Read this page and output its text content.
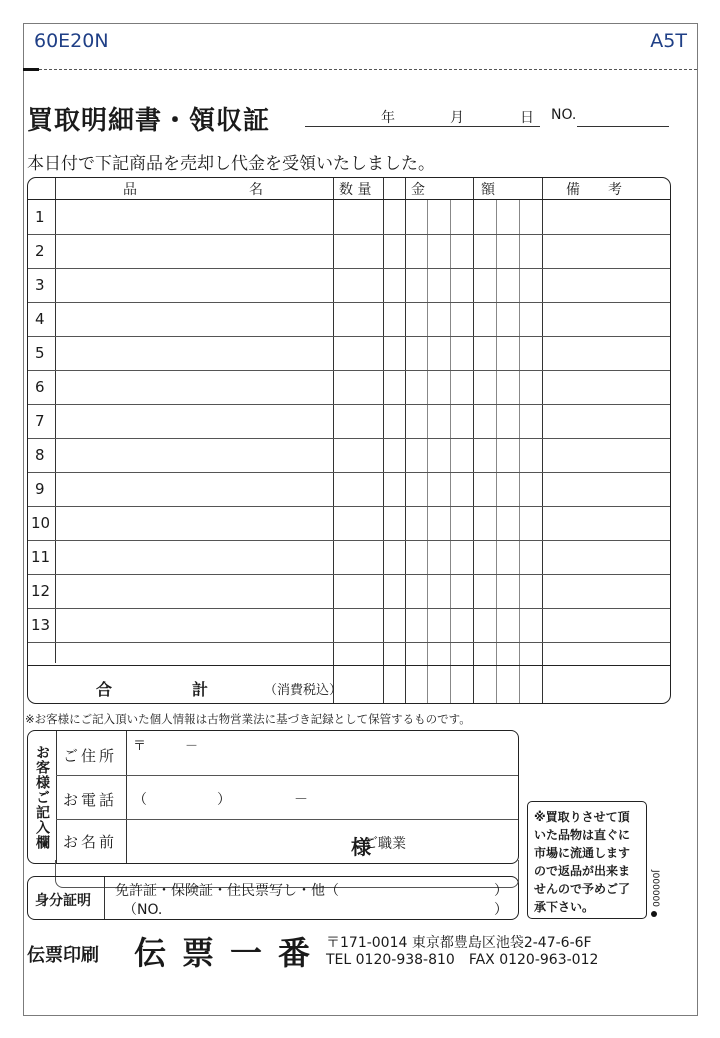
60E20N	A5T
買取明細書・領収証	年	月	日 NO.
本日付で下記商品を売却し代金を受領いたしました。
品　　　　　　　　名	数 量	金　　　　額	備　　考
1
2
3
4
5
6
7
8
9
10
11
12
13
合　　　　　計	（消費税込）
※お客様にご記入頂いた個人情報は古物営業法に基づき記録として保管するものです。
お客様ご記入欄 ご住所
〒　　　－
お電話 （　　　　　）　　　　　－
お名前	様
ご職業
身分証明
免許証・保険証・住民票写し・他（	）
（NO.	）
※買取りさせて頂
いた品物は直ぐに
市場に流通します
ので返品が出来ま
せんので予めご了
承下さい。	J000000
伝票印刷 伝票一番 〒171-0014 東京都豊島区池袋2-47-6-6F
TEL 0120-938-810　FAX 0120-963-012
